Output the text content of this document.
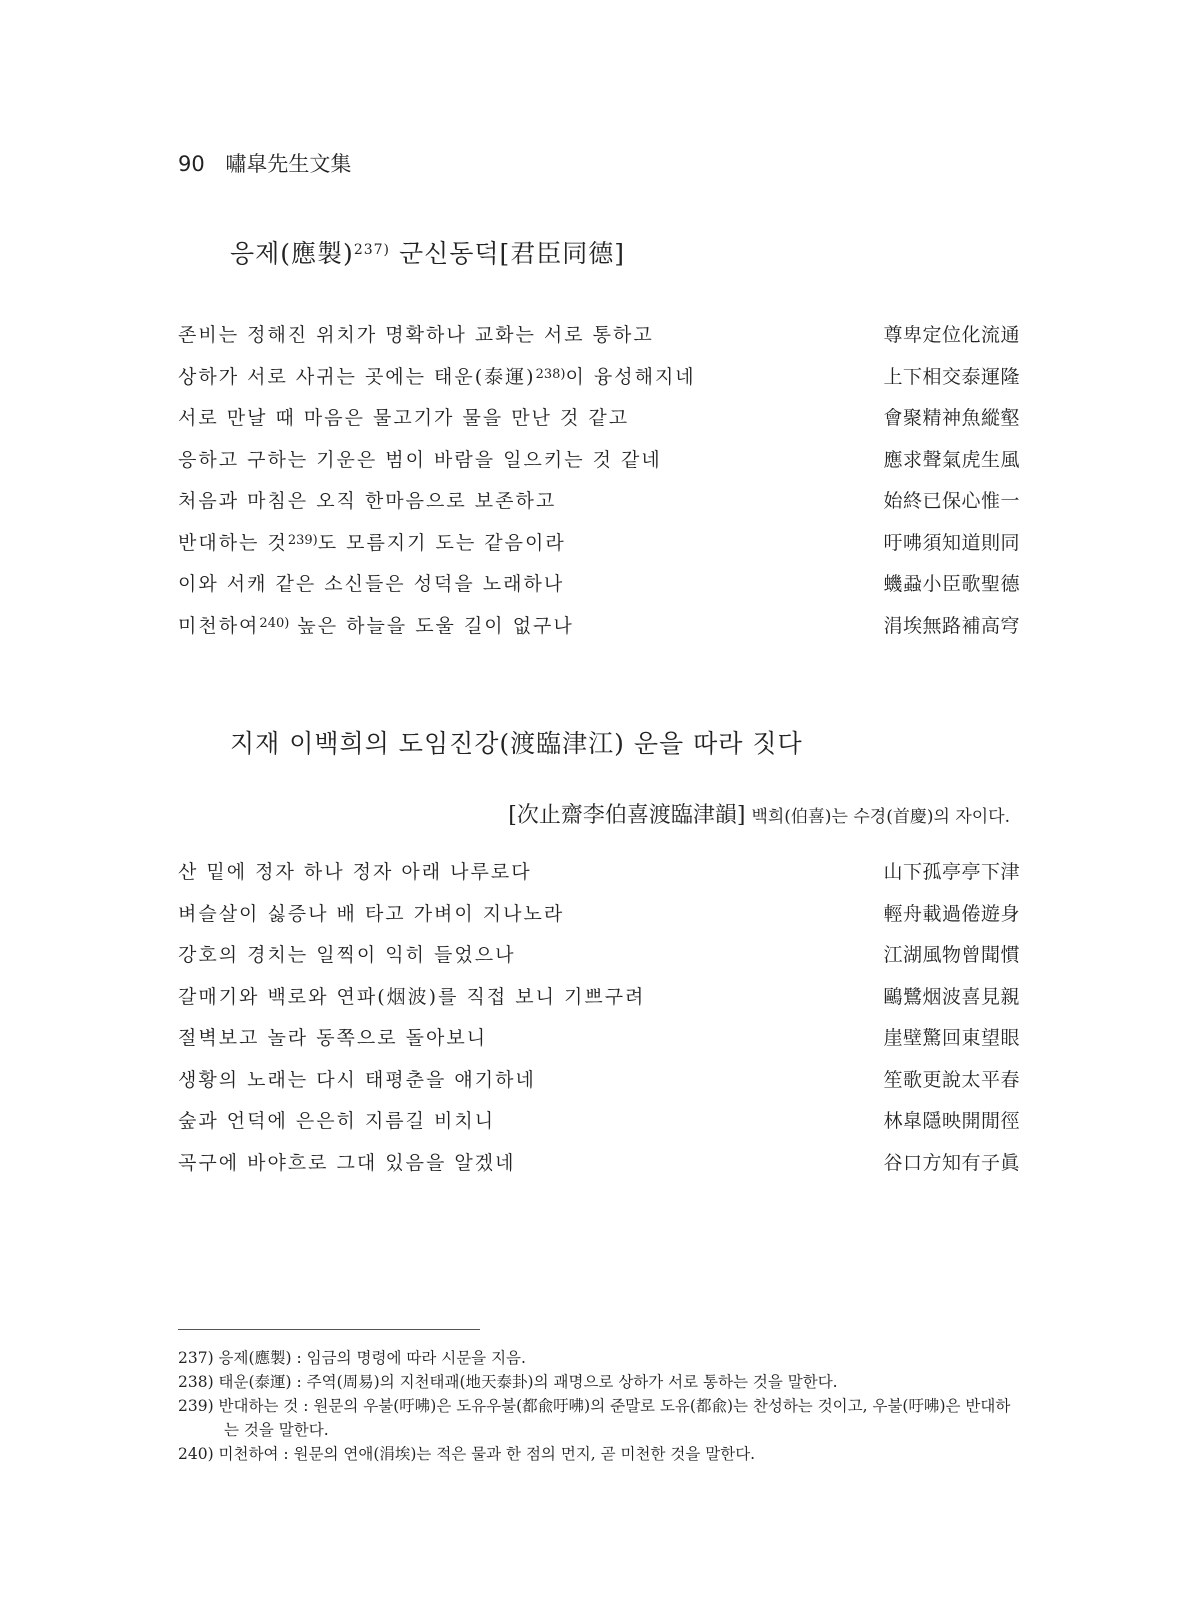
90 嘯皐先生文集
응제(應製)$^{237)}$ 군신동덕[君臣同德]
존비는 정해진 위치가 명확하나 교화는 서로 통하고	尊卑定位化流通
상하가 서로 사귀는 곳에는 태운(泰運)$^{238)}$이 융성해지네	上下相交泰運隆
서로 만날 때 마음은 물고기가 물을 만난 것 같고	會聚精神魚縱壑
응하고 구하는 기운은 범이 바람을 일으키는 것 같네	應求聲氣虎生風
처음과 마침은 오직 한마음으로 보존하고	始終已保心惟一
반대하는 것$^{239)}$도 모름지기 도는 같음이라	吁咈須知道則同
이와 서캐 같은 소신들은 성덕을 노래하나	蟣蝨小臣歌聖德
미천하여$^{240)}$ 높은 하늘을 도울 길이 없구나	涓埃無路補高穹
지재 이백희의 도임진강(渡臨津江) 운을 따라 짓다
[次止齋李伯喜渡臨津韻] 백희(伯喜)는 수경(首慶)의 자이다.
산 밑에 정자 하나 정자 아래 나루로다	山下孤亭亭下津
벼슬살이 싫증나 배 타고 가벼이 지나노라	輕舟載過倦遊身
강호의 경치는 일찍이 익히 들었으나	江湖風物曾聞慣
갈매기와 백로와 연파(烟波)를 직접 보니 기쁘구려	鷗鷺烟波喜見親
절벽보고 놀라 동쪽으로 돌아보니	崖壁驚回東望眼
생황의 노래는 다시 태평춘을 얘기하네	笙歌更說太平春
숲과 언덕에 은은히 지름길 비치니	林皐隱映開閒徑
곡구에 바야흐로 그대 있음을 알겠네	谷口方知有子眞
237) 응제(應製) : 임금의 명령에 따라 시문을 지음.
238) 태운(泰運) : 주역(周易)의 지천태괘(地天泰卦)의 괘명으로 상하가 서로 통하는 것을 말한다.
239) 반대하는 것 : 원문의 우불(吁咈)은 도유우불(都兪吁咈)의 준말로 도유(都兪)는 찬성하는 것이고, 우불(吁咈)은 반대하는 것을 말한다.
240) 미천하여 : 원문의 연애(涓埃)는 적은 물과 한 점의 먼지, 곧 미천한 것을 말한다.
